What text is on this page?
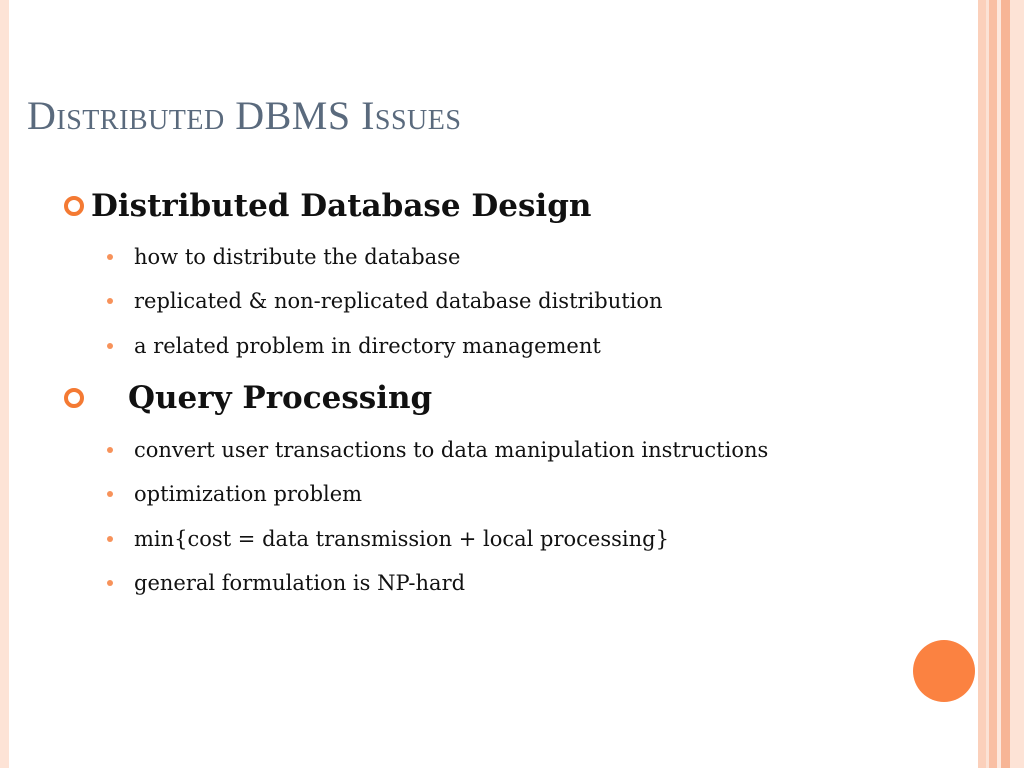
Distributed DBMS Issues
Distributed Database Design
how to distribute the database
replicated & non-replicated database distribution
a related problem in directory management
Query Processing
convert user transactions to data manipulation instructions
optimization problem
min{cost = data transmission + local processing}
general formulation is NP-hard
